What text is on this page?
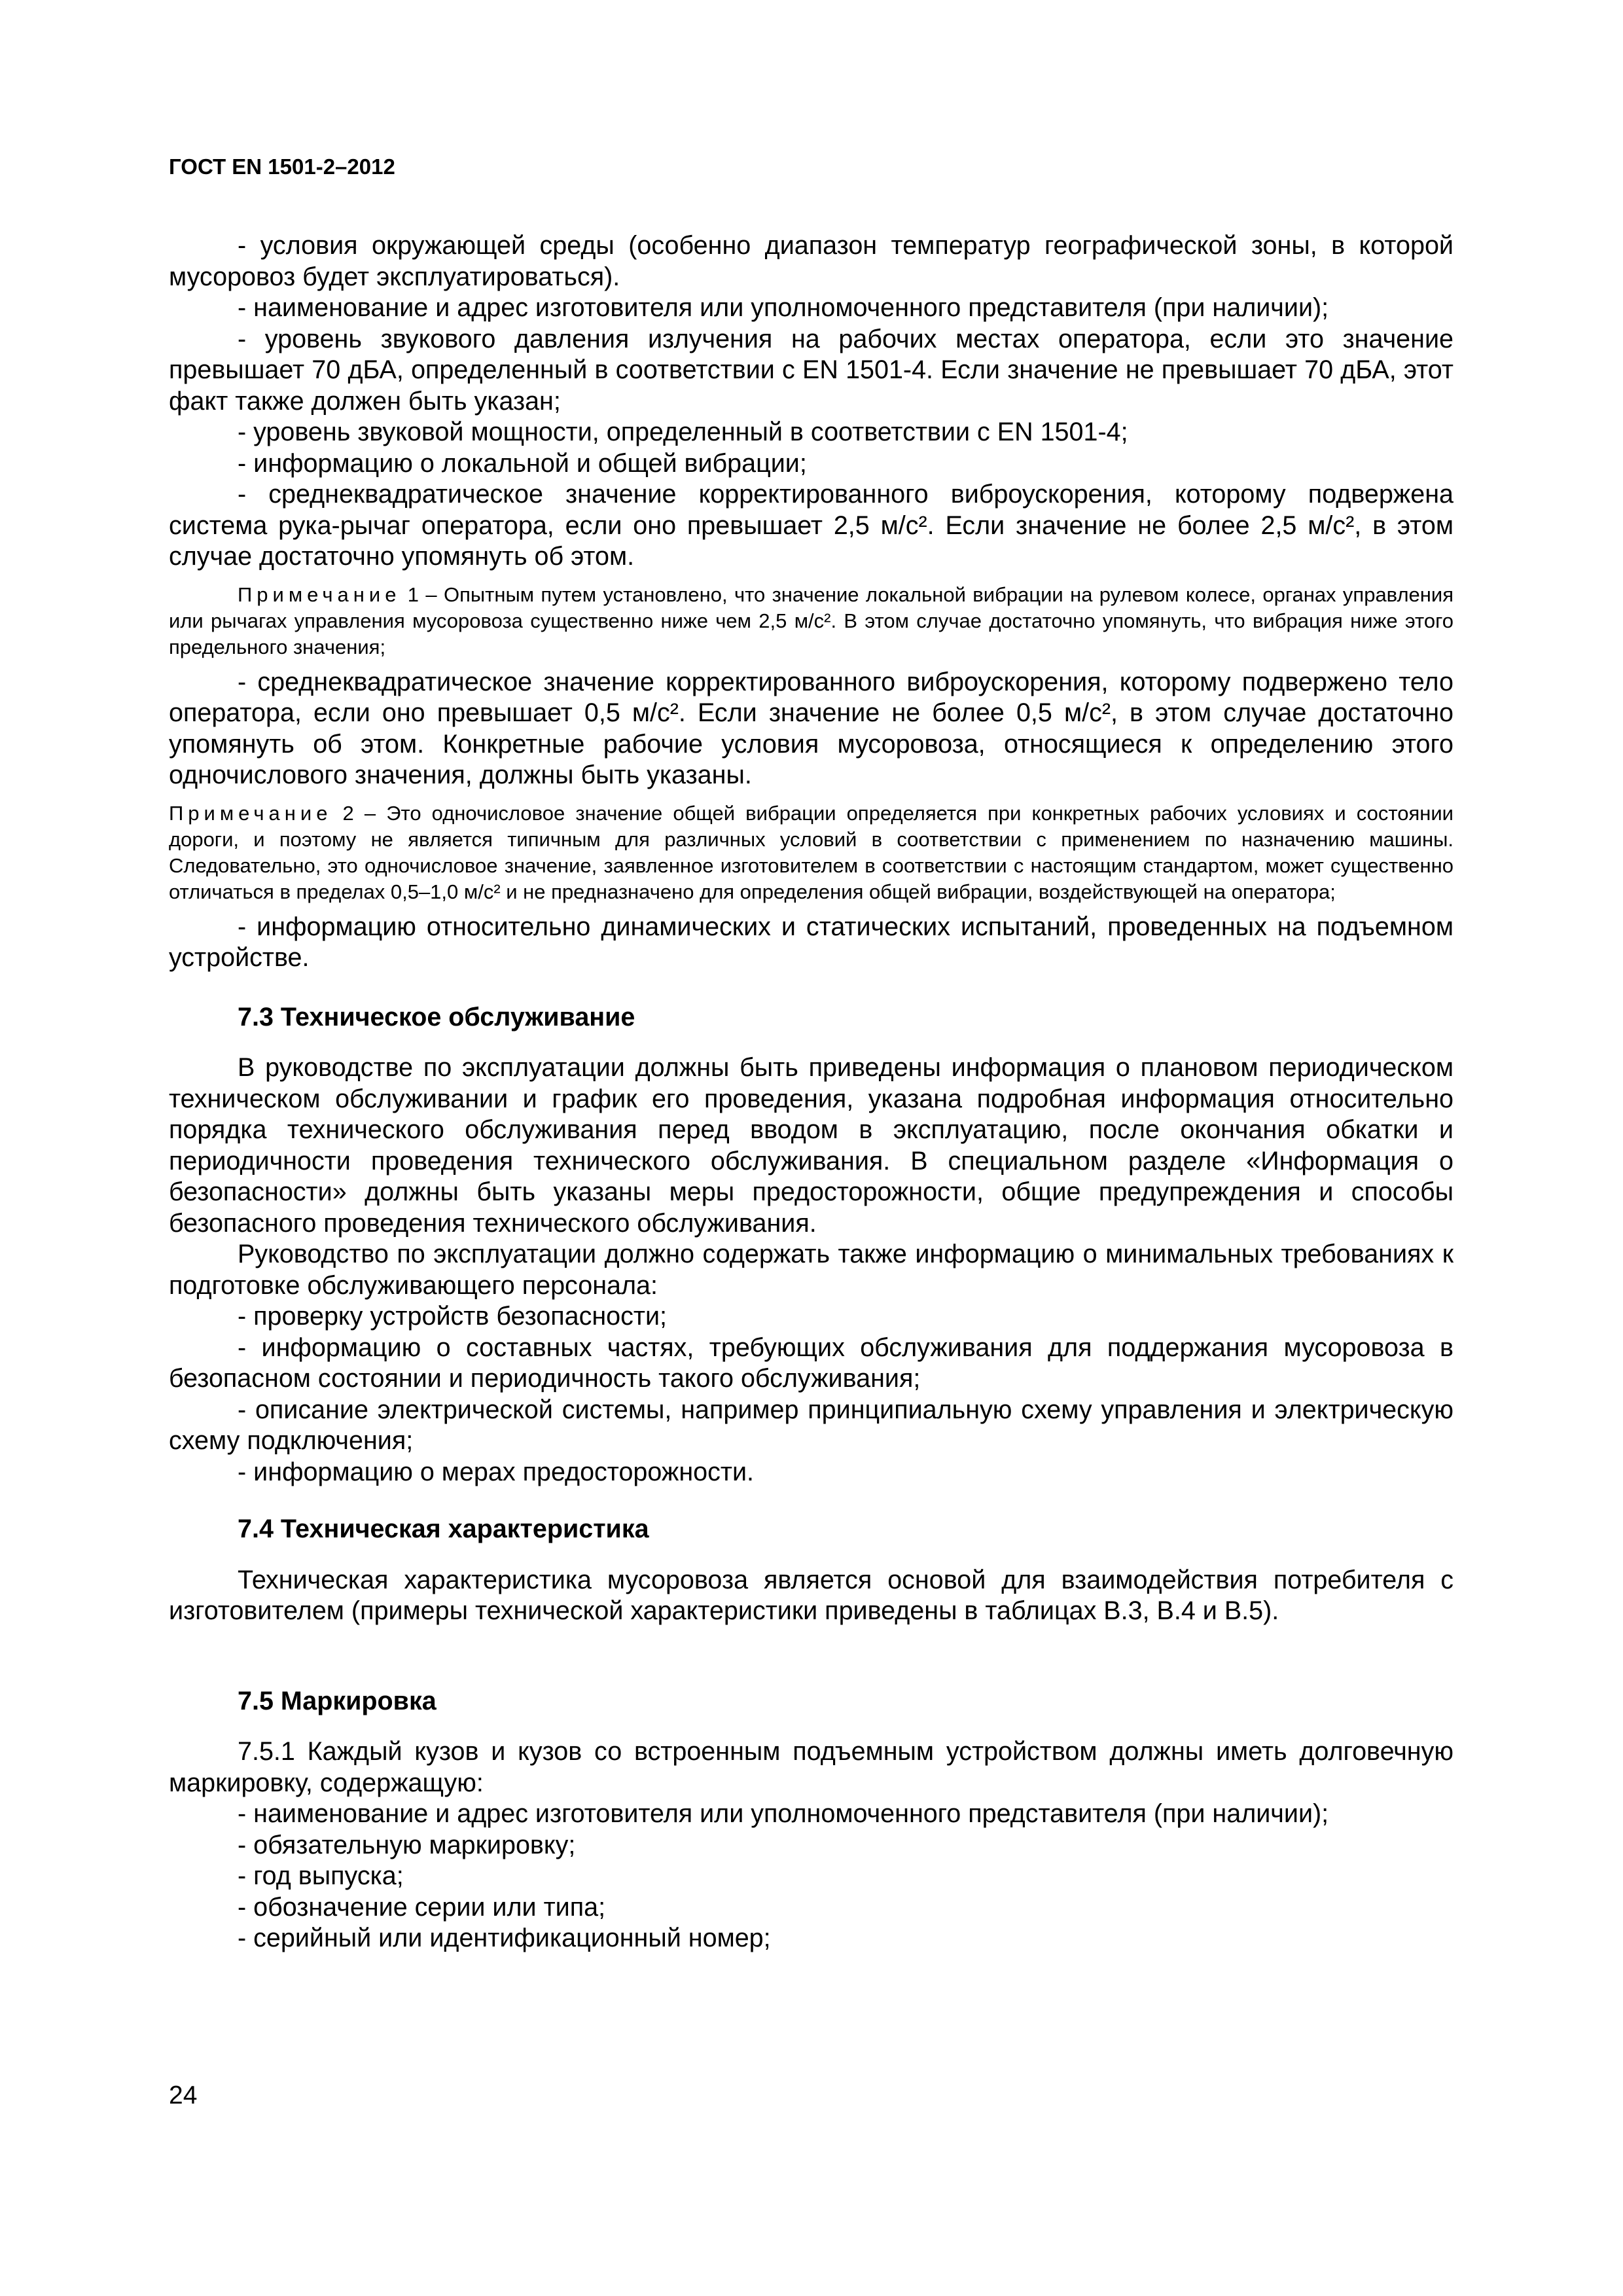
ГОСТ EN 1501-2–2012

- условия окружающей среды (особенно диапазон температур географической зоны, в которой мусоровоз будет эксплуатироваться).

- наименование и адрес изготовителя или уполномоченного представителя (при наличии);

- уровень звукового давления излучения на рабочих местах оператора, если это значение превышает 70 дБА, определенный в соответствии с EN 1501-4. Если значение не превышает 70 дБА, этот факт также должен быть указан;

- уровень звуковой мощности, определенный в соответствии с EN 1501-4;

- информацию о локальной и общей вибрации;

- среднеквадратическое значение корректированного виброускорения, которому подвержена система рука-рычаг оператора, если оно превышает 2,5 м/с². Если значение не более 2,5 м/с², в этом случае достаточно упомянуть об этом.

Примечание 1 – Опытным путем установлено, что значение локальной вибрации на рулевом колесе, органах управления или рычагах управления мусоровоза существенно ниже чем 2,5 м/с². В этом случае достаточно упомянуть, что вибрация ниже этого предельного значения;

- среднеквадратическое значение корректированного виброускорения, которому подвержено тело оператора, если оно превышает 0,5 м/с². Если значение не более 0,5 м/с², в этом случае достаточно упомянуть об этом. Конкретные рабочие условия мусоровоза, относящиеся к определению этого одночислового значения, должны быть указаны.

Примечание 2 – Это одночисловое значение общей вибрации определяется при конкретных рабочих условиях и состоянии дороги, и поэтому не является типичным для различных условий в соответствии с применением по назначению машины. Следовательно, это одночисловое значение, заявленное изготовителем в соответствии с настоящим стандартом, может существенно отличаться в пределах 0,5–1,0 м/с² и не предназначено для определения общей вибрации, воздействующей на оператора;

- информацию относительно динамических и статических испытаний, проведенных на подъемном устройстве.

7.3 Техническое обслуживание

В руководстве по эксплуатации должны быть приведены информация о плановом периодическом техническом обслуживании и график его проведения, указана подробная информация относительно порядка технического обслуживания перед вводом в эксплуатацию, после окончания обкатки и периодичности проведения технического обслуживания. В специальном разделе «Информация о безопасности» должны быть указаны меры предосторожности, общие предупреждения и способы безопасного проведения технического обслуживания.

Руководство по эксплуатации должно содержать также информацию о минимальных требованиях к подготовке обслуживающего персонала:

- проверку устройств безопасности;

- информацию о составных частях, требующих обслуживания для поддержания мусоровоза в безопасном состоянии и периодичность такого обслуживания;

- описание электрической системы, например принципиальную схему управления и электрическую схему подключения;

- информацию о мерах предосторожности.

7.4 Техническая характеристика

Техническая характеристика мусоровоза является основой для взаимодействия потребителя с изготовителем (примеры технической характеристики приведены в таблицах В.3, В.4 и В.5).

7.5 Маркировка

7.5.1 Каждый кузов и кузов со встроенным подъемным устройством должны иметь долговечную маркировку, содержащую:

- наименование и адрес изготовителя или уполномоченного представителя (при наличии);

- обязательную маркировку;

- год выпуска;

- обозначение серии или типа;

- серийный или идентификационный номер;

24
